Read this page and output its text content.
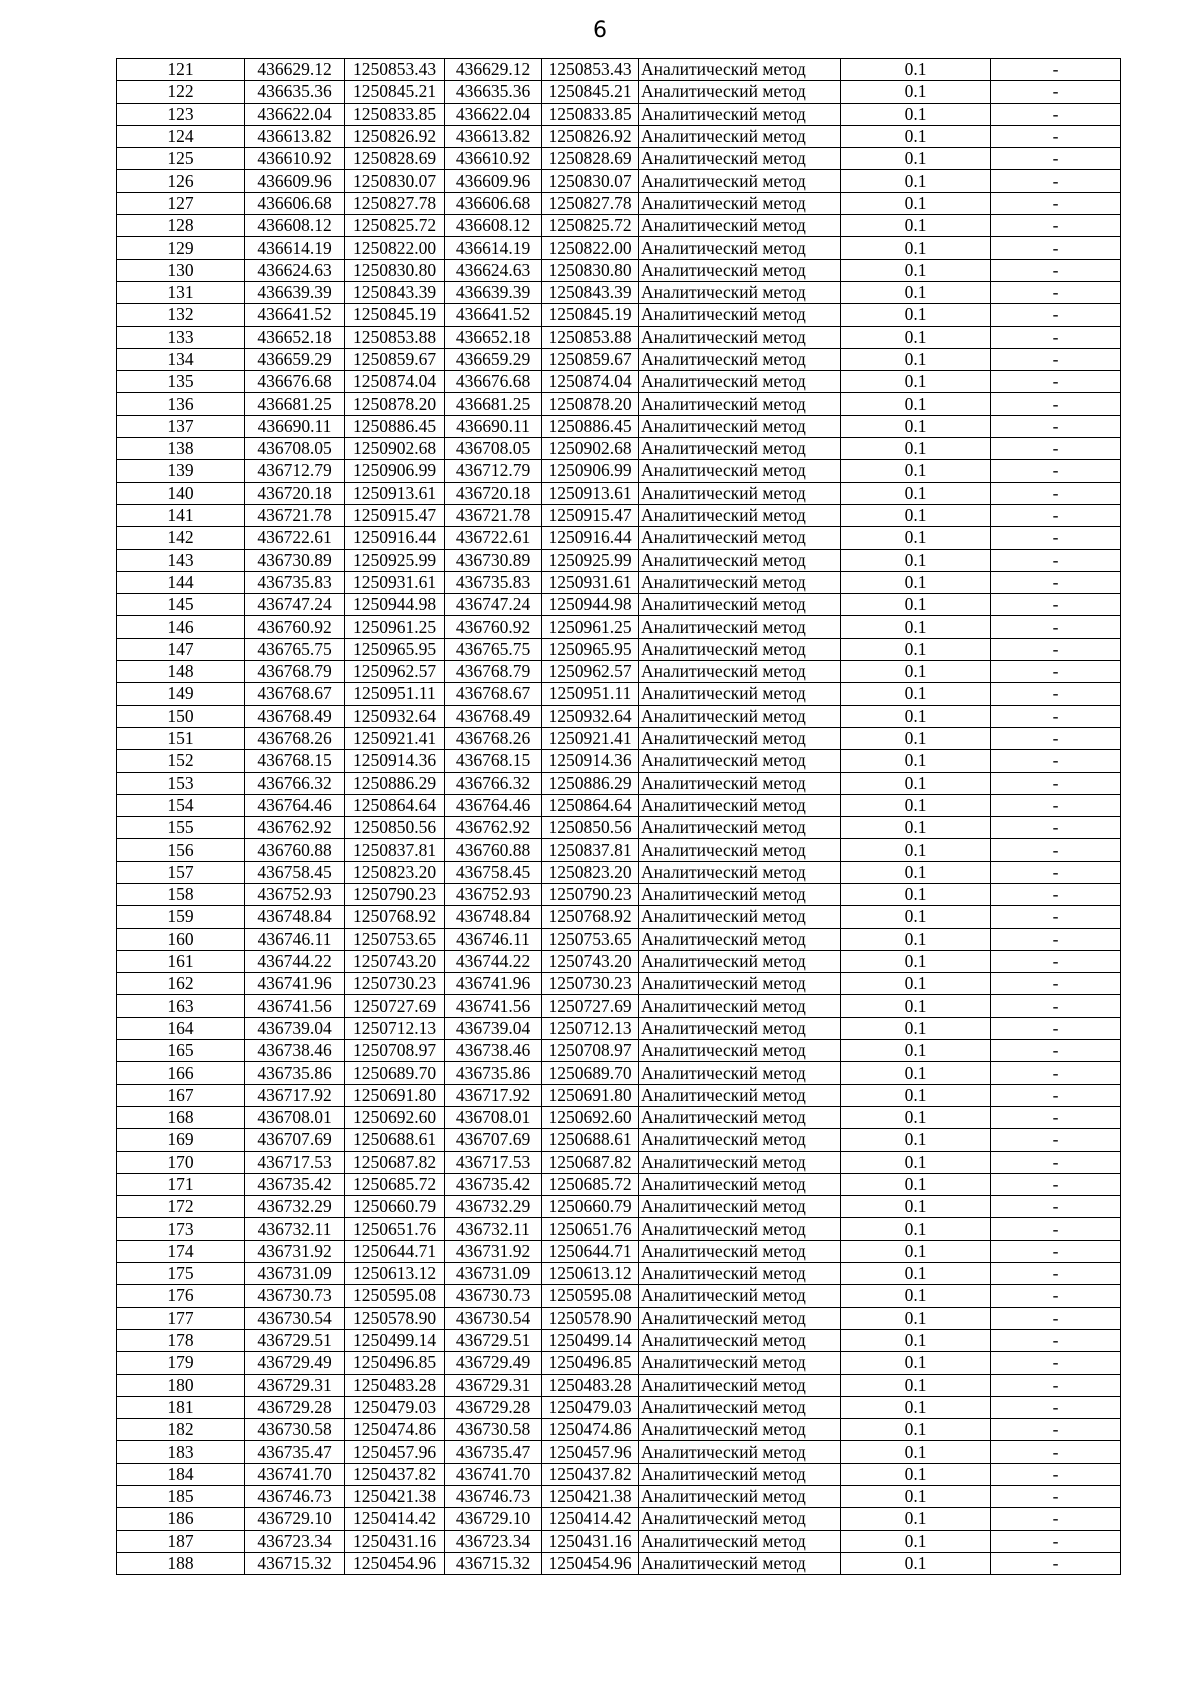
6
121	436629.12	1250853.43	436629.12	1250853.43	Аналитический метод	0.1	-
122	436635.36	1250845.21	436635.36	1250845.21	Аналитический метод	0.1	-
123	436622.04	1250833.85	436622.04	1250833.85	Аналитический метод	0.1	-
124	436613.82	1250826.92	436613.82	1250826.92	Аналитический метод	0.1	-
125	436610.92	1250828.69	436610.92	1250828.69	Аналитический метод	0.1	-
126	436609.96	1250830.07	436609.96	1250830.07	Аналитический метод	0.1	-
127	436606.68	1250827.78	436606.68	1250827.78	Аналитический метод	0.1	-
128	436608.12	1250825.72	436608.12	1250825.72	Аналитический метод	0.1	-
129	436614.19	1250822.00	436614.19	1250822.00	Аналитический метод	0.1	-
130	436624.63	1250830.80	436624.63	1250830.80	Аналитический метод	0.1	-
131	436639.39	1250843.39	436639.39	1250843.39	Аналитический метод	0.1	-
132	436641.52	1250845.19	436641.52	1250845.19	Аналитический метод	0.1	-
133	436652.18	1250853.88	436652.18	1250853.88	Аналитический метод	0.1	-
134	436659.29	1250859.67	436659.29	1250859.67	Аналитический метод	0.1	-
135	436676.68	1250874.04	436676.68	1250874.04	Аналитический метод	0.1	-
136	436681.25	1250878.20	436681.25	1250878.20	Аналитический метод	0.1	-
137	436690.11	1250886.45	436690.11	1250886.45	Аналитический метод	0.1	-
138	436708.05	1250902.68	436708.05	1250902.68	Аналитический метод	0.1	-
139	436712.79	1250906.99	436712.79	1250906.99	Аналитический метод	0.1	-
140	436720.18	1250913.61	436720.18	1250913.61	Аналитический метод	0.1	-
141	436721.78	1250915.47	436721.78	1250915.47	Аналитический метод	0.1	-
142	436722.61	1250916.44	436722.61	1250916.44	Аналитический метод	0.1	-
143	436730.89	1250925.99	436730.89	1250925.99	Аналитический метод	0.1	-
144	436735.83	1250931.61	436735.83	1250931.61	Аналитический метод	0.1	-
145	436747.24	1250944.98	436747.24	1250944.98	Аналитический метод	0.1	-
146	436760.92	1250961.25	436760.92	1250961.25	Аналитический метод	0.1	-
147	436765.75	1250965.95	436765.75	1250965.95	Аналитический метод	0.1	-
148	436768.79	1250962.57	436768.79	1250962.57	Аналитический метод	0.1	-
149	436768.67	1250951.11	436768.67	1250951.11	Аналитический метод	0.1	-
150	436768.49	1250932.64	436768.49	1250932.64	Аналитический метод	0.1	-
151	436768.26	1250921.41	436768.26	1250921.41	Аналитический метод	0.1	-
152	436768.15	1250914.36	436768.15	1250914.36	Аналитический метод	0.1	-
153	436766.32	1250886.29	436766.32	1250886.29	Аналитический метод	0.1	-
154	436764.46	1250864.64	436764.46	1250864.64	Аналитический метод	0.1	-
155	436762.92	1250850.56	436762.92	1250850.56	Аналитический метод	0.1	-
156	436760.88	1250837.81	436760.88	1250837.81	Аналитический метод	0.1	-
157	436758.45	1250823.20	436758.45	1250823.20	Аналитический метод	0.1	-
158	436752.93	1250790.23	436752.93	1250790.23	Аналитический метод	0.1	-
159	436748.84	1250768.92	436748.84	1250768.92	Аналитический метод	0.1	-
160	436746.11	1250753.65	436746.11	1250753.65	Аналитический метод	0.1	-
161	436744.22	1250743.20	436744.22	1250743.20	Аналитический метод	0.1	-
162	436741.96	1250730.23	436741.96	1250730.23	Аналитический метод	0.1	-
163	436741.56	1250727.69	436741.56	1250727.69	Аналитический метод	0.1	-
164	436739.04	1250712.13	436739.04	1250712.13	Аналитический метод	0.1	-
165	436738.46	1250708.97	436738.46	1250708.97	Аналитический метод	0.1	-
166	436735.86	1250689.70	436735.86	1250689.70	Аналитический метод	0.1	-
167	436717.92	1250691.80	436717.92	1250691.80	Аналитический метод	0.1	-
168	436708.01	1250692.60	436708.01	1250692.60	Аналитический метод	0.1	-
169	436707.69	1250688.61	436707.69	1250688.61	Аналитический метод	0.1	-
170	436717.53	1250687.82	436717.53	1250687.82	Аналитический метод	0.1	-
171	436735.42	1250685.72	436735.42	1250685.72	Аналитический метод	0.1	-
172	436732.29	1250660.79	436732.29	1250660.79	Аналитический метод	0.1	-
173	436732.11	1250651.76	436732.11	1250651.76	Аналитический метод	0.1	-
174	436731.92	1250644.71	436731.92	1250644.71	Аналитический метод	0.1	-
175	436731.09	1250613.12	436731.09	1250613.12	Аналитический метод	0.1	-
176	436730.73	1250595.08	436730.73	1250595.08	Аналитический метод	0.1	-
177	436730.54	1250578.90	436730.54	1250578.90	Аналитический метод	0.1	-
178	436729.51	1250499.14	436729.51	1250499.14	Аналитический метод	0.1	-
179	436729.49	1250496.85	436729.49	1250496.85	Аналитический метод	0.1	-
180	436729.31	1250483.28	436729.31	1250483.28	Аналитический метод	0.1	-
181	436729.28	1250479.03	436729.28	1250479.03	Аналитический метод	0.1	-
182	436730.58	1250474.86	436730.58	1250474.86	Аналитический метод	0.1	-
183	436735.47	1250457.96	436735.47	1250457.96	Аналитический метод	0.1	-
184	436741.70	1250437.82	436741.70	1250437.82	Аналитический метод	0.1	-
185	436746.73	1250421.38	436746.73	1250421.38	Аналитический метод	0.1	-
186	436729.10	1250414.42	436729.10	1250414.42	Аналитический метод	0.1	-
187	436723.34	1250431.16	436723.34	1250431.16	Аналитический метод	0.1	-
188	436715.32	1250454.96	436715.32	1250454.96	Аналитический метод	0.1	-
